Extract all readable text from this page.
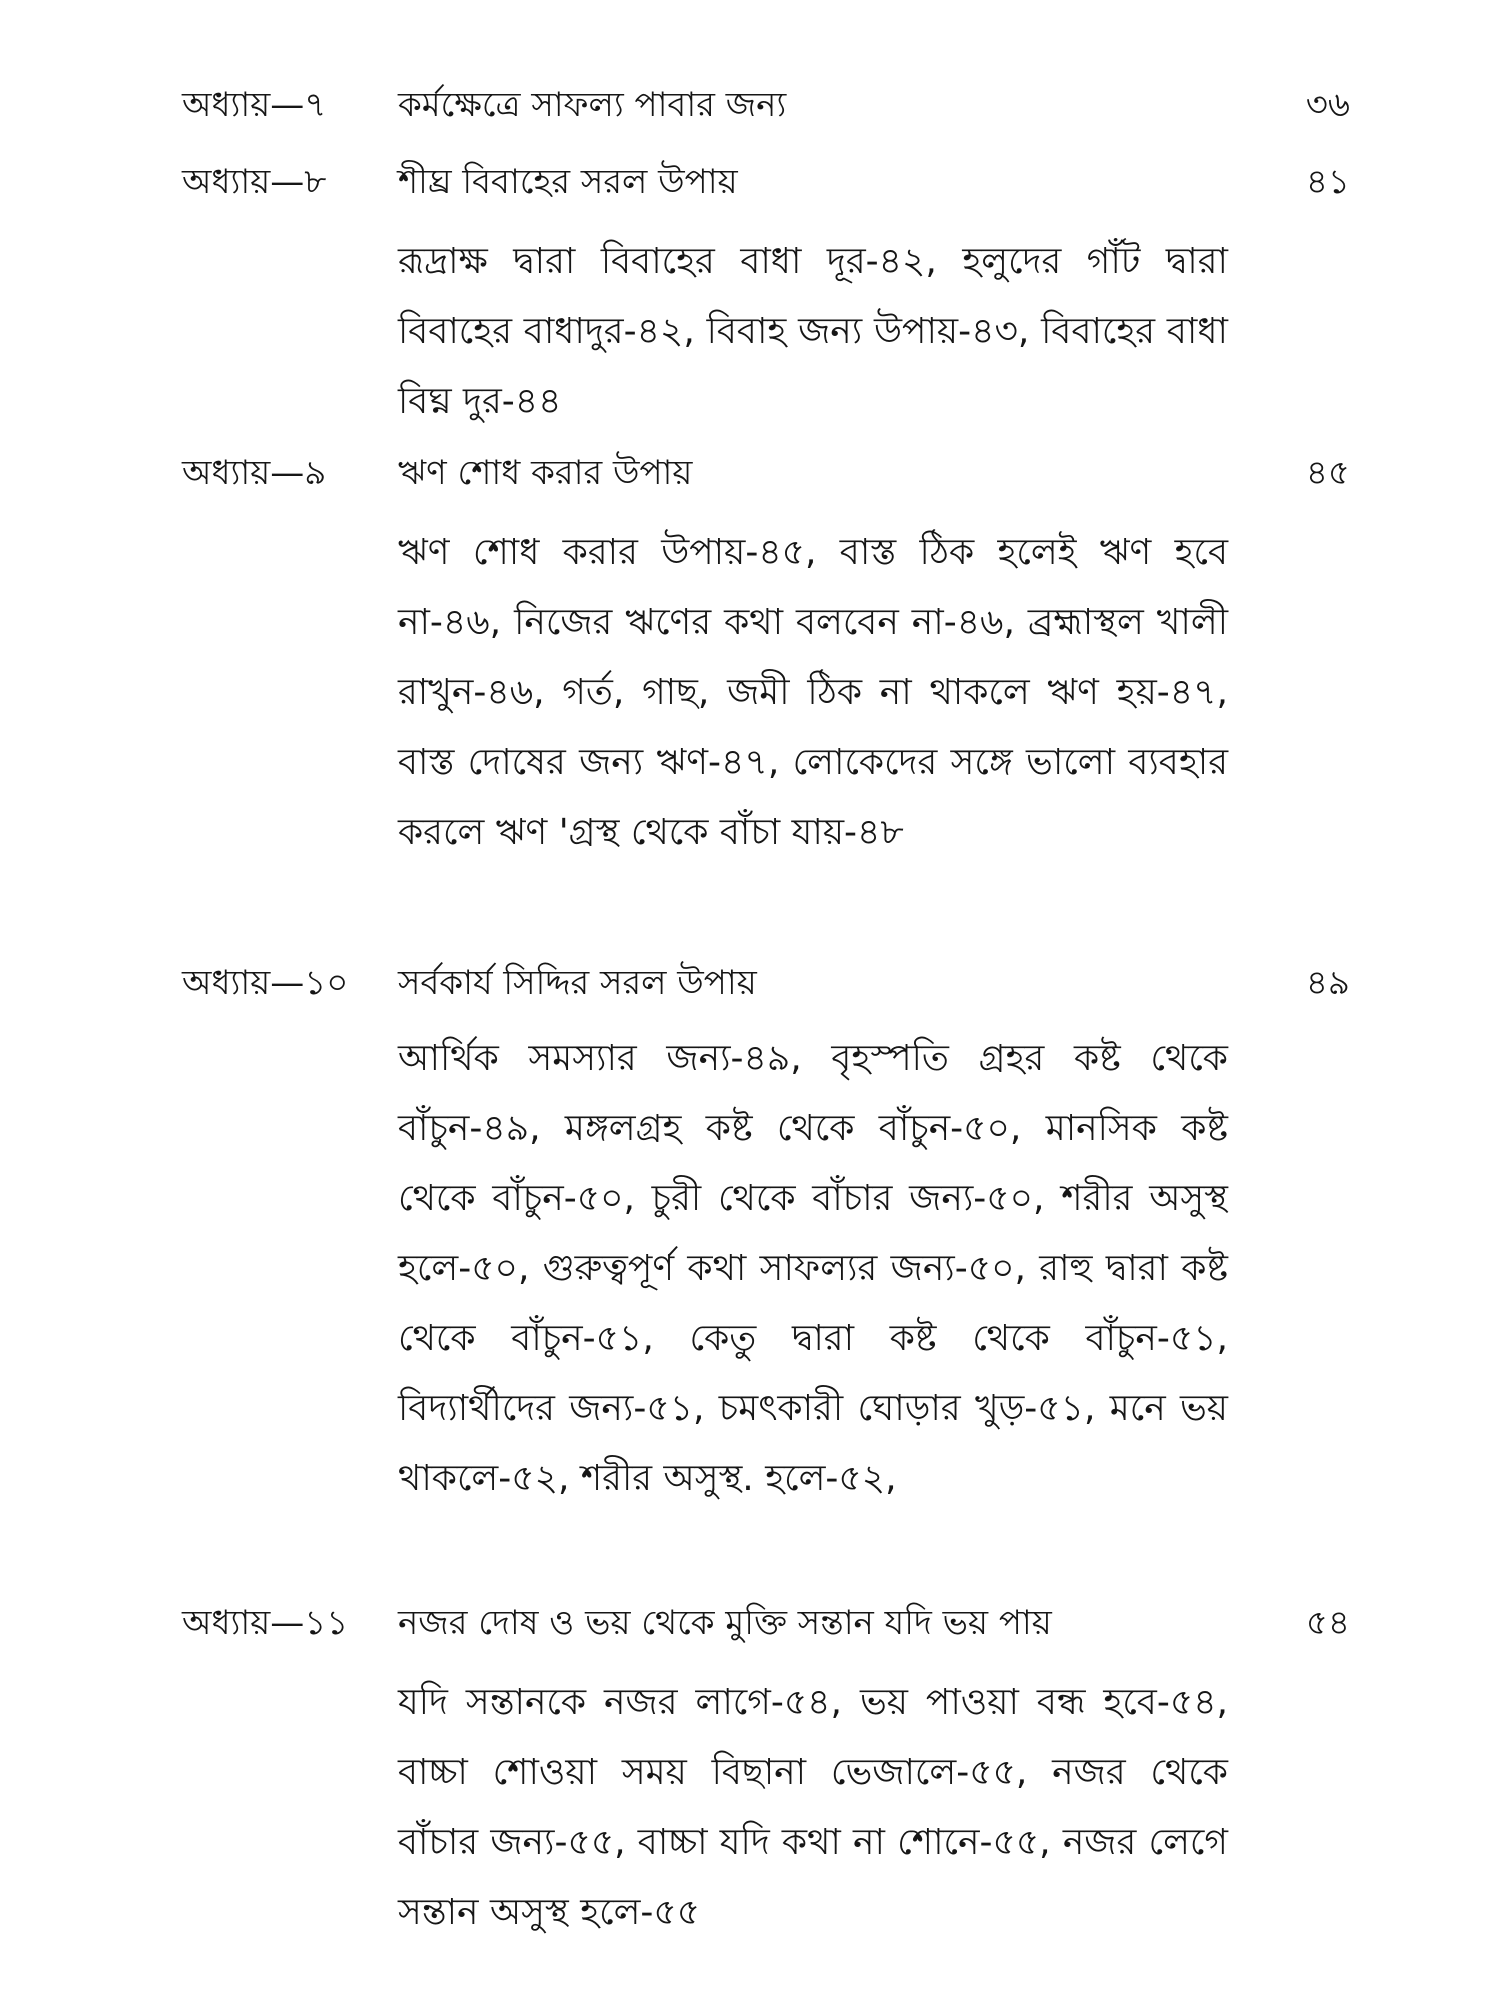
অধ্যায়—৭ কর্মক্ষেত্রে সাফল্য পাবার জন্য	৩৬
অধ্যায়—৮ শীঘ্র বিবাহের সরল উপায়	৪১
রূদ্রাক্ষ দ্বারা বিবাহের বাধা দূর-৪২, হলুদের গাঁট দ্বারা বিবাহের বাধাদুর-৪২, বিবাহ জন্য উপায়-৪৩, বিবাহের বাধা বিঘ্ন দুর-৪৪
অধ্যায়—৯ ঋণ শোধ করার উপায়	৪৫
ঋণ শোধ করার উপায়-৪৫, বাস্ত ঠিক হলেই ঋণ হবে না-৪৬, নিজের ঋণের কথা বলবেন না-৪৬, ব্রহ্মাস্থল খালী রাখুন-৪৬, গর্ত, গাছ, জমী ঠিক না থাকলে ঋণ হয়-৪৭, বাস্ত দোষের জন্য ঋণ-৪৭, লোকেদের সঙ্গে ভালো ব্যবহার করলে ঋণ 'গ্রস্থ থেকে বাঁচা যায়-৪৮
অধ্যায়—১০ সর্বকার্য সিদ্দির সরল উপায়	৪৯
আর্থিক সমস্যার জন্য-৪৯, বৃহস্পতি গ্রহর কষ্ট থেকে বাঁচুন-৪৯, মঙ্গলগ্রহ কষ্ট থেকে বাঁচুন-৫০, মানসিক কষ্ট থেকে বাঁচুন-৫০, চুরী থেকে বাঁচার জন্য-৫০, শরীর অসুস্থ হলে-৫০, গুরুত্বপূর্ণ কথা সাফল্যর জন্য-৫০, রাহু দ্বারা কষ্ট থেকে বাঁচুন-৫১, কেতু দ্বারা কষ্ট থেকে বাঁচুন-৫১, বিদ্যার্থীদের জন্য-৫১, চমৎকারী ঘোড়ার খুড়-৫১, মনে ভয় থাকলে-৫২, শরীর অসুস্থ. হলে-৫২,
অধ্যায়—১১ নজর দোষ ও ভয় থেকে মুক্তি সন্তান যদি ভয় পায়	৫৪
যদি সন্তানকে নজর লাগে-৫৪, ভয় পাওয়া বন্ধ হবে-৫৪, বাচ্চা শোওয়া সময় বিছানা ভেজালে-৫৫, নজর থেকে বাঁচার জন্য-৫৫, বাচ্চা যদি কথা না শোনে-৫৫, নজর লেগে সন্তান অসুস্থ হলে-৫৫
